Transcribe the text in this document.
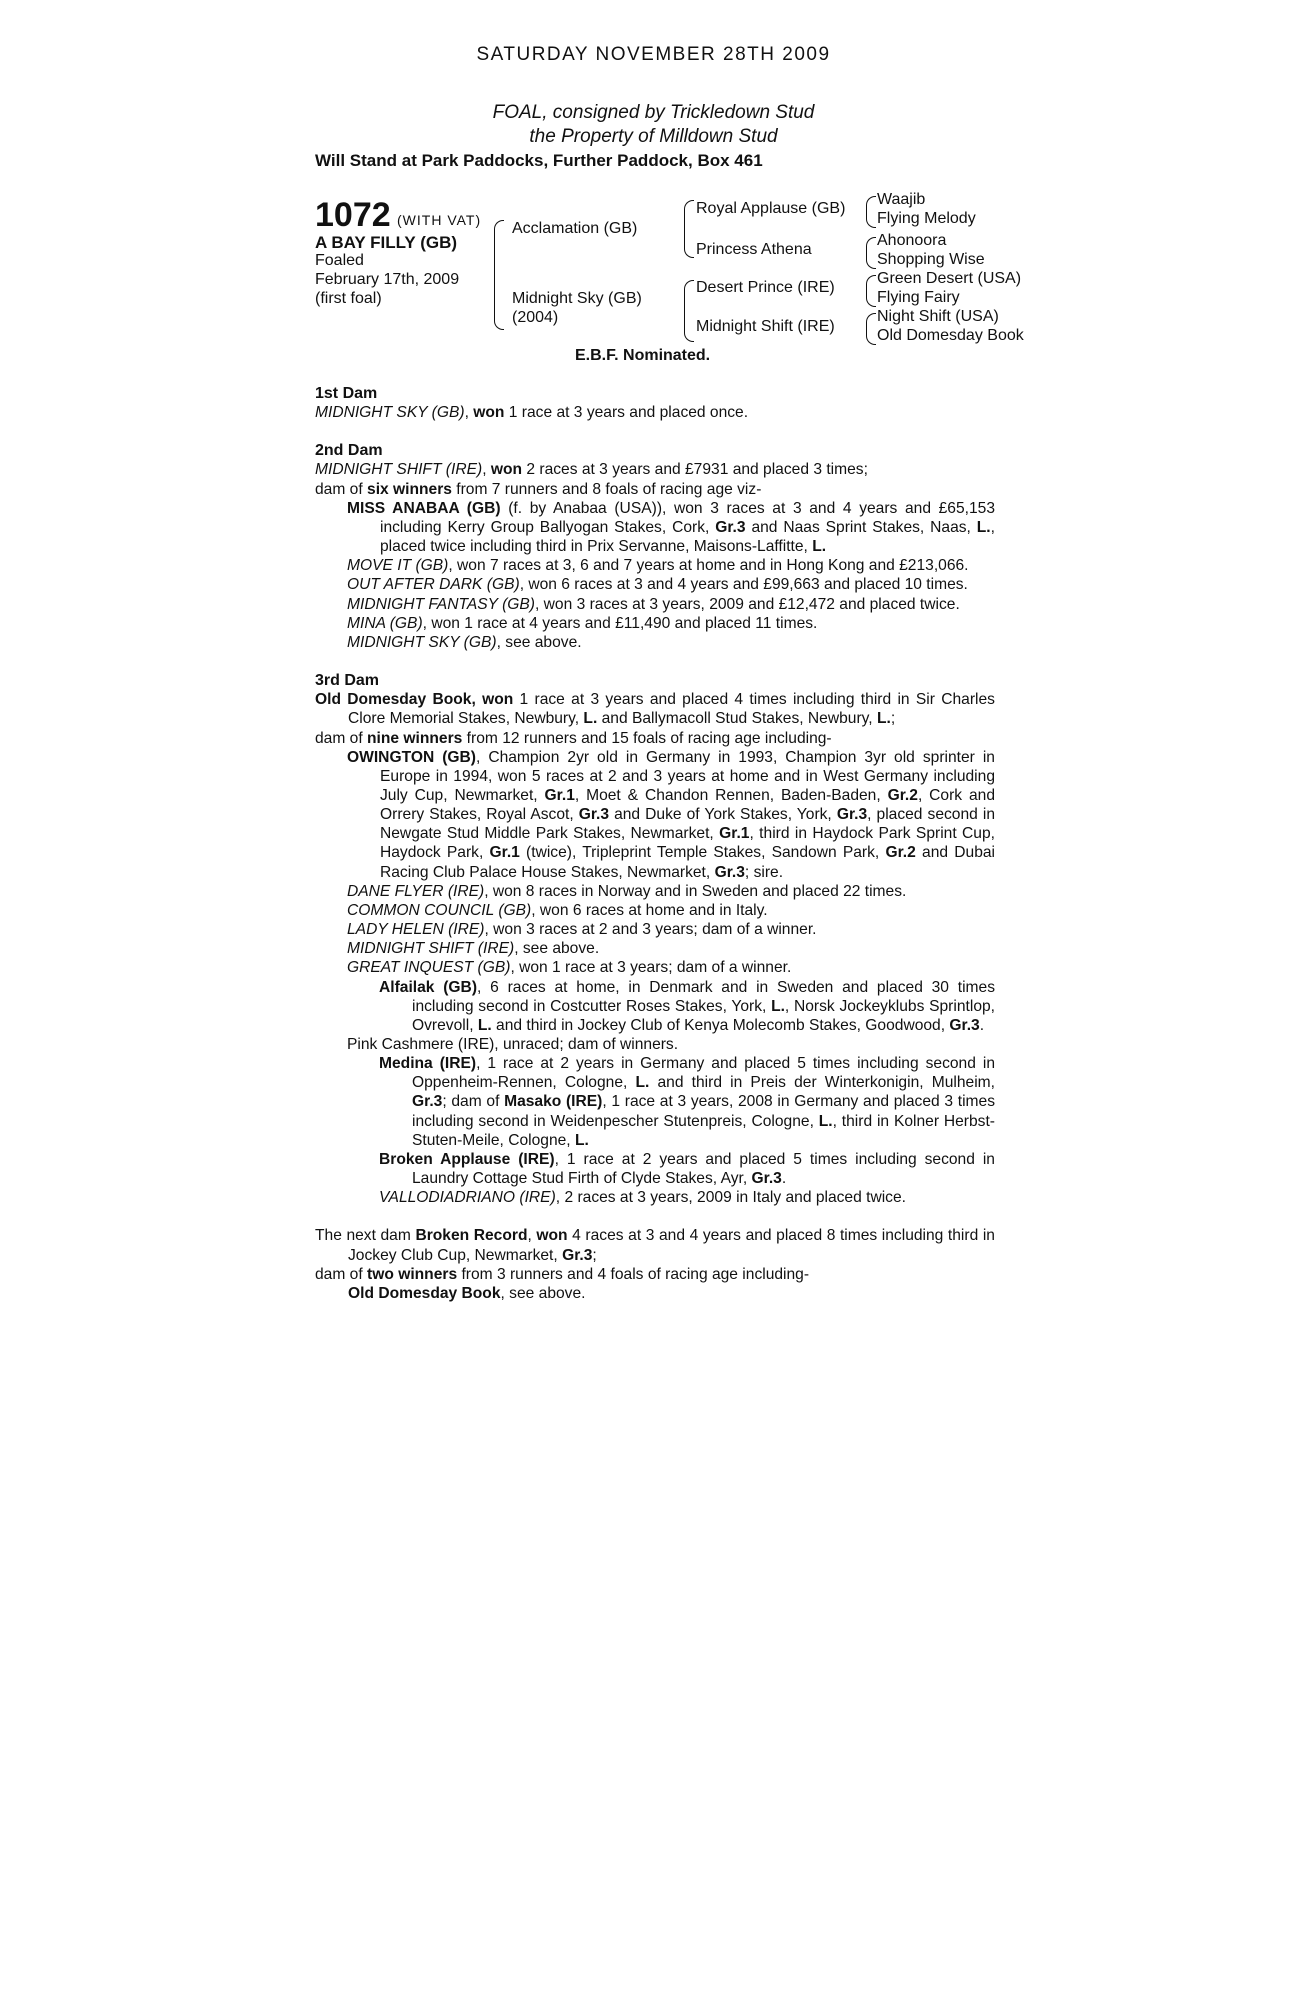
SATURDAY NOVEMBER 28TH 2009
FOAL, consigned by Trickledown Stud
the Property of Milldown Stud
Will Stand at Park Paddocks, Further Paddock, Box 461
1072 (WITH VAT)
A BAY FILLY (GB)
Foaled
February 17th, 2009
(first foal)
Acclamation (GB)
Midnight Sky (GB)
(2004)
Royal Applause (GB)
Princess Athena
Desert Prince (IRE)
Midnight Shift (IRE)
Waajib
Flying Melody
Ahonoora
Shopping Wise
Green Desert (USA)
Flying Fairy
Night Shift (USA)
Old Domesday Book
E.B.F. Nominated.

1st Dam

MIDNIGHT SKY (GB), won 1 race at 3 years and placed once.

2nd Dam

MIDNIGHT SHIFT (IRE), won 2 races at 3 years and £7931 and placed 3 times;

dam of six winners from 7 runners and 8 foals of racing age viz-

MISS ANABAA (GB) (f. by Anabaa (USA)), won 3 races at 3 and 4 years and £65,153 including Kerry Group Ballyogan Stakes, Cork, Gr.3 and Naas Sprint Stakes, Naas, L., placed twice including third in Prix Servanne, Maisons-Laffitte, L.

MOVE IT (GB), won 7 races at 3, 6 and 7 years at home and in Hong Kong and £213,066.

OUT AFTER DARK (GB), won 6 races at 3 and 4 years and £99,663 and placed 10 times.

MIDNIGHT FANTASY (GB), won 3 races at 3 years, 2009 and £12,472 and placed twice.

MINA (GB), won 1 race at 4 years and £11,490 and placed 11 times.

MIDNIGHT SKY (GB), see above.

3rd Dam

Old Domesday Book, won 1 race at 3 years and placed 4 times including third in Sir Charles Clore Memorial Stakes, Newbury, L. and Ballymacoll Stud Stakes, Newbury, L.;

dam of nine winners from 12 runners and 15 foals of racing age including-

OWINGTON (GB), Champion 2yr old in Germany in 1993, Champion 3yr old sprinter in Europe in 1994, won 5 races at 2 and 3 years at home and in West Germany including July Cup, Newmarket, Gr.1, Moet & Chandon Rennen, Baden-Baden, Gr.2, Cork and Orrery Stakes, Royal Ascot, Gr.3 and Duke of York Stakes, York, Gr.3, placed second in Newgate Stud Middle Park Stakes, Newmarket, Gr.1, third in Haydock Park Sprint Cup, Haydock Park, Gr.1 (twice), Tripleprint Temple Stakes, Sandown Park, Gr.2 and Dubai Racing Club Palace House Stakes, Newmarket, Gr.3; sire.

DANE FLYER (IRE), won 8 races in Norway and in Sweden and placed 22 times.

COMMON COUNCIL (GB), won 6 races at home and in Italy.

LADY HELEN (IRE), won 3 races at 2 and 3 years; dam of a winner.

MIDNIGHT SHIFT (IRE), see above.

GREAT INQUEST (GB), won 1 race at 3 years; dam of a winner.

Alfailak (GB), 6 races at home, in Denmark and in Sweden and placed 30 times including second in Costcutter Roses Stakes, York, L., Norsk Jockeyklubs Sprintlop, Ovrevoll, L. and third in Jockey Club of Kenya Molecomb Stakes, Goodwood, Gr.3.

Pink Cashmere (IRE), unraced; dam of winners.

Medina (IRE), 1 race at 2 years in Germany and placed 5 times including second in Oppenheim-Rennen, Cologne, L. and third in Preis der Winterkonigin, Mulheim, Gr.3; dam of Masako (IRE), 1 race at 3 years, 2008 in Germany and placed 3 times including second in Weidenpescher Stutenpreis, Cologne, L., third in Kolner Herbst-Stuten-Meile, Cologne, L.

Broken Applause (IRE), 1 race at 2 years and placed 5 times including second in Laundry Cottage Stud Firth of Clyde Stakes, Ayr, Gr.3.

VALLODIADRIANO (IRE), 2 races at 3 years, 2009 in Italy and placed twice.

The next dam Broken Record, won 4 races at 3 and 4 years and placed 8 times including third in Jockey Club Cup, Newmarket, Gr.3;

dam of two winners from 3 runners and 4 foals of racing age including-

Old Domesday Book, see above.
